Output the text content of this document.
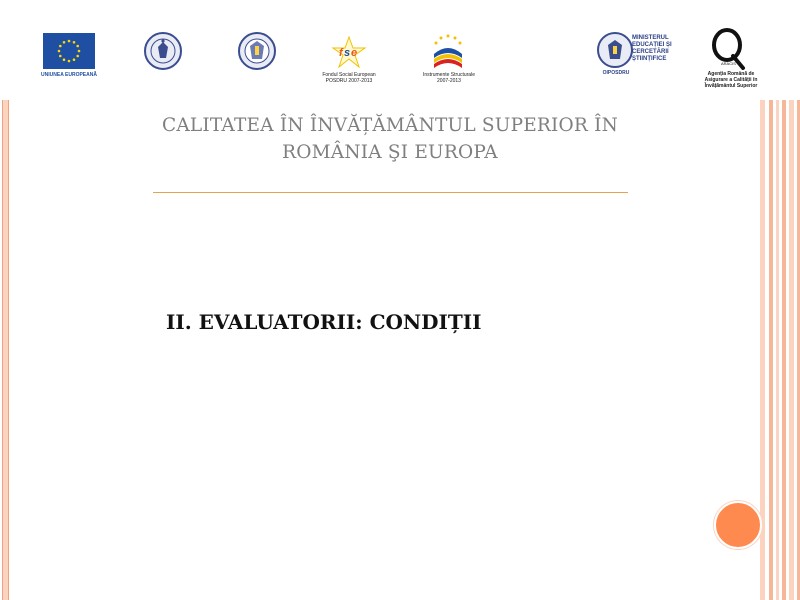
UNIUNEA EUROPEANĂ
f s e
Fondul Social European
POSDRU 2007-2013
Instrumente Structurale
2007-2013
MINISTERUL
EDUCAȚIEI ȘI
CERCETĂRII
ȘTIINȚIFICE
OIPOSDRU
ARACIS
Agenția Română de
Asigurare a Calității în
Învățământul Superior
CALITATEA ÎN ÎNVĂȚĂMÂNTUL SUPERIOR ÎN
ROMÂNIA ŞI EUROPA
II. EVALUATORII: CONDIȚII
